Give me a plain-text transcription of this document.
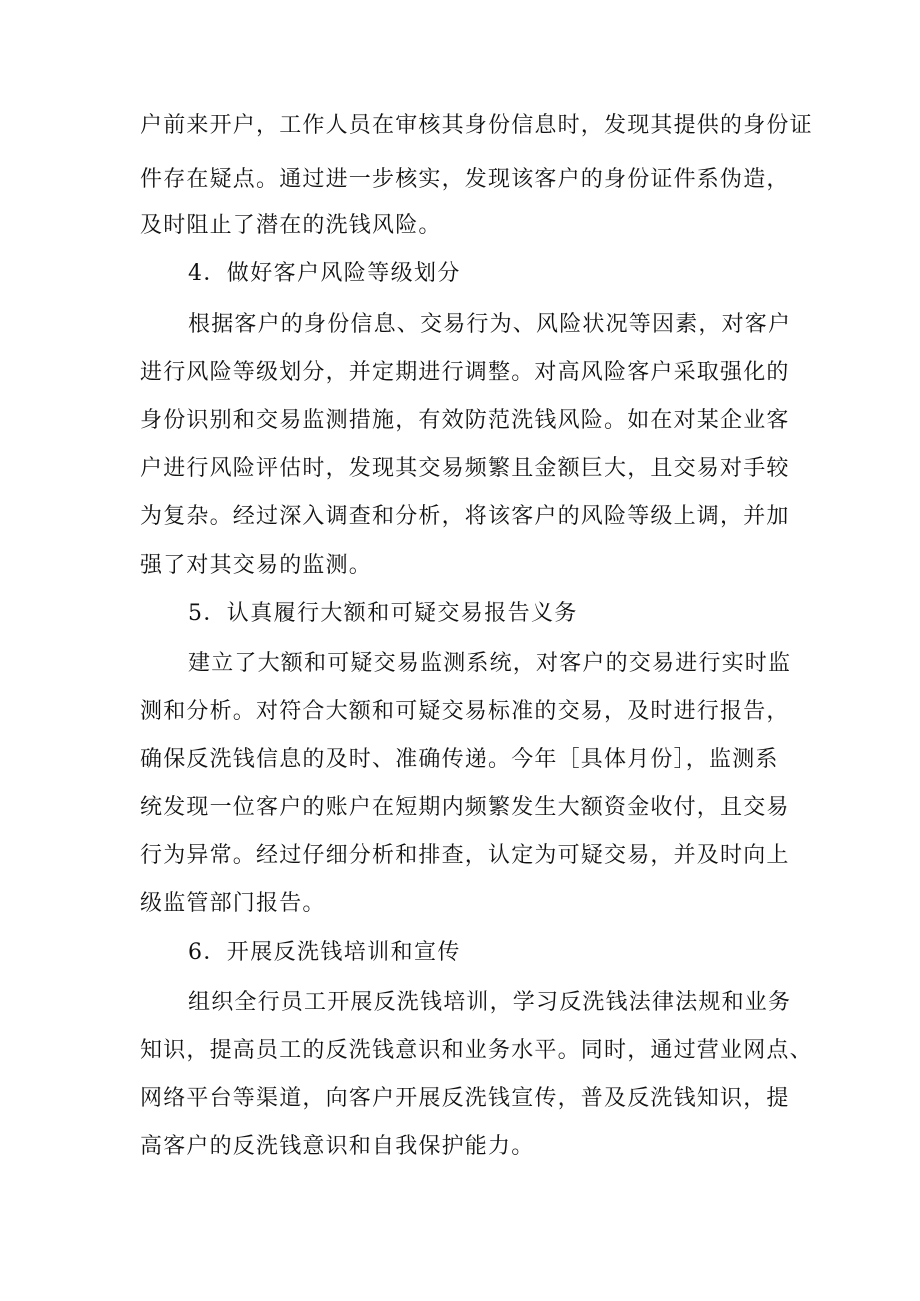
户前来开户，工作人员在审核其身份信息时，发现其提供的身份证
件存在疑点。通过进一步核实，发现该客户的身份证件系伪造，
及时阻止了潜在的洗钱风险。
4．做好客户风险等级划分
根据客户的身份信息、交易行为、风险状况等因素，对客户
进行风险等级划分，并定期进行调整。对高风险客户采取强化的
身份识别和交易监测措施，有效防范洗钱风险。如在对某企业客
户进行风险评估时，发现其交易频繁且金额巨大，且交易对手较
为复杂。经过深入调查和分析，将该客户的风险等级上调，并加
强了对其交易的监测。
5．认真履行大额和可疑交易报告义务
建立了大额和可疑交易监测系统，对客户的交易进行实时监
测和分析。对符合大额和可疑交易标准的交易，及时进行报告，
确保反洗钱信息的及时、准确传递。今年［具体月份］，监测系
统发现一位客户的账户在短期内频繁发生大额资金收付，且交易
行为异常。经过仔细分析和排查，认定为可疑交易，并及时向上
级监管部门报告。
6．开展反洗钱培训和宣传
组织全行员工开展反洗钱培训，学习反洗钱法律法规和业务
知识，提高员工的反洗钱意识和业务水平。同时，通过营业网点、
网络平台等渠道，向客户开展反洗钱宣传，普及反洗钱知识，提
高客户的反洗钱意识和自我保护能力。
